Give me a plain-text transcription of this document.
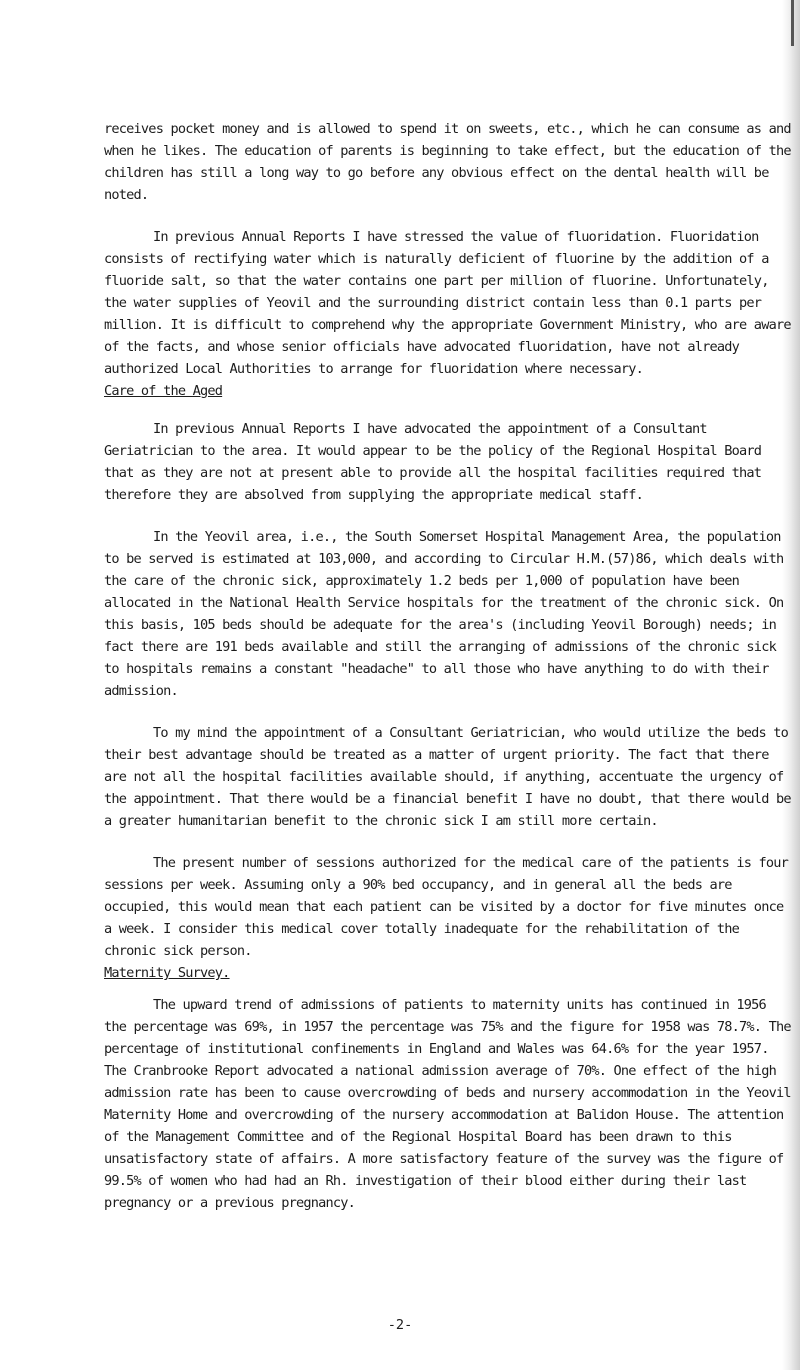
receives pocket money and is allowed to spend it on sweets, etc., which he can consume as and when he likes. The education of parents is beginning to take effect, but the education of the children has still a long way to go before any obvious effect on the dental health will be noted.

In previous Annual Reports I have stressed the value of fluoridation. Fluoridation consists of rectifying water which is naturally deficient of fluorine by the addition of a fluoride salt, so that the water contains one part per million of fluorine. Unfortunately, the water supplies of Yeovil and the surrounding district contain less than 0.1 parts per million. It is difficult to comprehend why the appropriate Government Ministry, who are aware of the facts, and whose senior officials have advocated fluoridation, have not already authorized Local Authorities to arrange for fluoridation where necessary.

Care of the Aged

In previous Annual Reports I have advocated the appointment of a Consultant Geriatrician to the area. It would appear to be the policy of the Regional Hospital Board that as they are not at present able to provide all the hospital facilities required that therefore they are absolved from supplying the appropriate medical staff.

In the Yeovil area, i.e., the South Somerset Hospital Management Area, the population to be served is estimated at 103,000, and according to Circular H.M.(57)86, which deals with the care of the chronic sick, approximately 1.2 beds per 1,000 of population have been allocated in the National Health Service hospitals for the treatment of the chronic sick. On this basis, 105 beds should be adequate for the area's (including Yeovil Borough) needs; in fact there are 191 beds available and still the arranging of admissions of the chronic sick to hospitals remains a constant "headache" to all those who have anything to do with their admission.

To my mind the appointment of a Consultant Geriatrician, who would utilize the beds to their best advantage should be treated as a matter of urgent priority. The fact that there are not all the hospital facilities available should, if anything, accentuate the urgency of the appointment. That there would be a financial benefit I have no doubt, that there would be a greater humanitarian benefit to the chronic sick I am still more certain.

The present number of sessions authorized for the medical care of the patients is four sessions per week. Assuming only a 90% bed occupancy, and in general all the beds are occupied, this would mean that each patient can be visited by a doctor for five minutes once a week. I consider this medical cover totally inadequate for the rehabilitation of the chronic sick person.

Maternity Survey.

The upward trend of admissions of patients to maternity units has continued in 1956 the percentage was 69%, in 1957 the percentage was 75% and the figure for 1958 was 78.7%. The percentage of institutional confinements in England and Wales was 64.6% for the year 1957. The Cranbrooke Report advocated a national admission average of 70%. One effect of the high admission rate has been to cause overcrowding of beds and nursery accommodation in the Yeovil Maternity Home and overcrowding of the nursery accommodation at Balidon House. The attention of the Management Committee and of the Regional Hospital Board has been drawn to this unsatisfactory state of affairs. A more satisfactory feature of the survey was the figure of 99.5% of women who had had an Rh. investigation of their blood either during their last pregnancy or a previous pregnancy.

-2-
